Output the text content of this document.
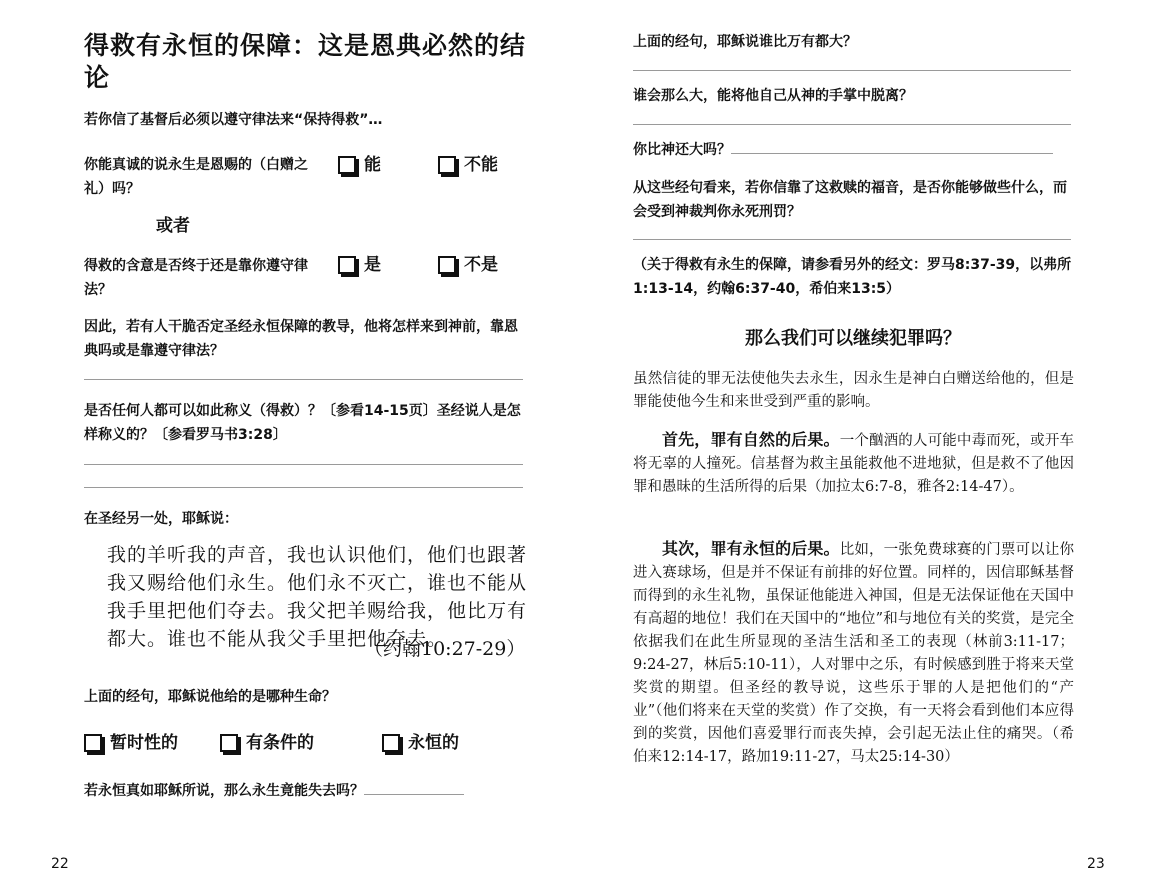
得救有永恒的保障：这是恩典必然的结论
若你信了基督后必须以遵守律法来“保持得救”…
你能真诚的说永生是恩赐的（白赠之礼）吗？
能	不能
或者
得救的含意是否终于还是靠你遵守律法？
是	不是
因此，若有人干脆否定圣经永恒保障的教导，他将怎样来到神前，靠恩典吗或是靠遵守律法？
是否任何人都可以如此称义（得救）？〔参看14-15页〕圣经说人是怎样称义的？〔参看罗马书3:28〕
在圣经另一处，耶稣说：
我的羊听我的声音，我也认识他们，他们也跟著我又赐给他们永生。他们永不灭亡，谁也不能从我手里把他们夺去。我父把羊赐给我，他比万有都大。谁也不能从我父手里把他夺去。
（约翰10:27-29）
上面的经句，耶稣说他给的是哪种生命？
暂时性的	有条件的	永恒的
若永恒真如耶稣所说，那么永生竟能失去吗？
22
上面的经句，耶稣说谁比万有都大？
谁会那么大，能将他自己从神的手掌中脱离？
你比神还大吗？
从这些经句看来，若你信靠了这救赎的福音，是否你能够做些什么，而会受到神裁判你永死刑罚？
（关于得救有永生的保障，请参看另外的经文：罗马8:37-39，以弗所1:13-14，约翰6:37-40，希伯来13:5）
那么我们可以继续犯罪吗？
虽然信徒的罪无法使他失去永生，因永生是神白白赠送给他的，但是罪能使他今生和来世受到严重的影响。
首先，罪有自然的后果。一个酗酒的人可能中毒而死，或开车将无辜的人撞死。信基督为救主虽能救他不进地狱，但是救不了他因罪和愚昧的生活所得的后果（加拉太6:7-8，雅各2:14-47）。
其次，罪有永恒的后果。比如，一张免费球赛的门票可以让你进入赛球场，但是并不保证有前排的好位置。同样的，因信耶稣基督而得到的永生礼物，虽保证他能进入神国，但是无法保证他在天国中有高超的地位！我们在天国中的“地位”和与地位有关的奖赏，是完全依据我们在此生所显现的圣洁生活和圣工的表现（林前3:11-17；9:24-27，林后5:10-11），人对罪中之乐，有时候感到胜于将来天堂奖赏的期望。但圣经的教导说，这些乐于罪的人是把他们的“产业”（他们将来在天堂的奖赏）作了交换，有一天将会看到他们本应得到的奖赏，因他们喜爱罪行而丧失掉，会引起无法止住的痛哭。（希伯来12:14-17，路加19:11-27，马太25:14-30）
23
